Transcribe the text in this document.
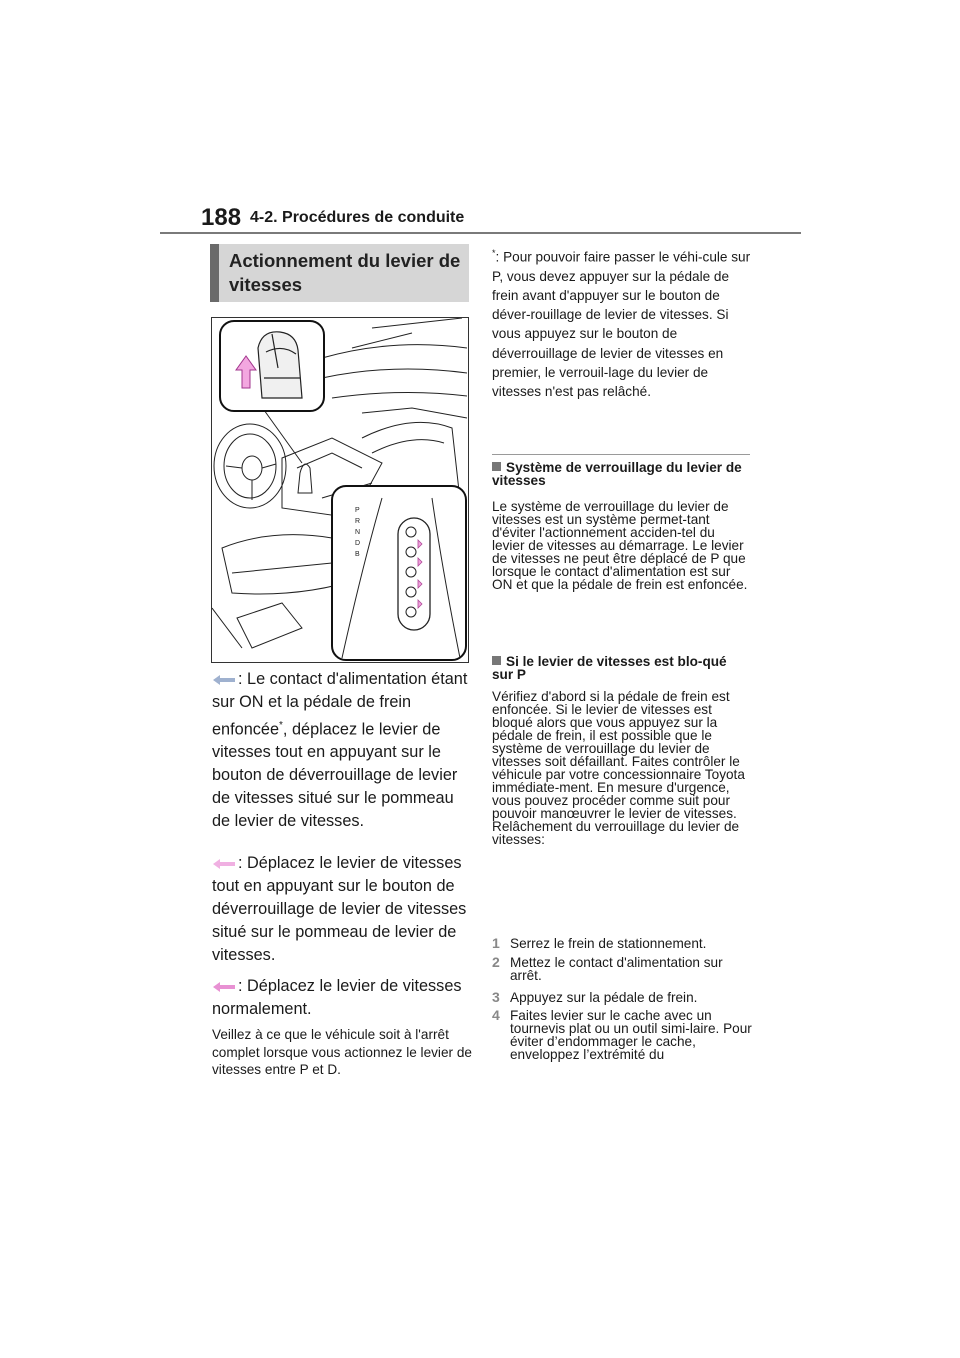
188 4-2. Procédures de conduite
Actionnement du levier de
vitesses
P
R
N
D
B
: Le contact d'alimentation étant sur ON et la pédale de frein enfoncée*, déplacez le levier de vitesses tout en appuyant sur le bouton de déverrouillage de levier de vitesses situé sur le pommeau de levier de vitesses.
: Déplacez le levier de vitesses tout en appuyant sur le bouton de déverrouillage de levier de vitesses situé sur le pommeau de levier de vitesses.
: Déplacez le levier de vitesses normalement.
Veillez à ce que le véhicule soit à l'arrêt complet lorsque vous actionnez le levier de vitesses entre P et D.
*: Pour pouvoir faire passer le véhi-cule sur P, vous devez appuyer sur la pédale de frein avant d'appuyer sur le bouton de déver-rouillage de levier de vitesses. Si vous appuyez sur le bouton de déverrouillage de levier de vitesses en premier, le verrouil-lage du levier de vitesses n'est pas relâché.
Système de verrouillage du levier de vitesses
Le système de verrouillage du levier de vitesses est un système permet-tant d'éviter l'actionnement acciden-tel du levier de vitesses au démarrage. Le levier de vitesses ne peut être déplacé de P que lorsque le contact d'alimentation est sur ON et que la pédale de frein est enfoncée.
Si le levier de vitesses est blo-qué sur P
Vérifiez d'abord si la pédale de frein est enfoncée. Si le levier de vitesses est bloqué alors que vous appuyez sur la pédale de frein, il est possible que le système de verrouillage du levier de vitesses soit défaillant. Faites contrôler le véhicule par votre concessionnaire Toyota immédiate-ment. En mesure d'urgence, vous pouvez procéder comme suit pour pouvoir manœuvrer le levier de vitesses. Relâchement du verrouillage du levier de vitesses:
1 Serrez le frein de stationnement.
2 Mettez le contact d'alimentation sur arrêt.
3 Appuyez sur la pédale de frein.
4 Faites levier sur le cache avec un tournevis plat ou un outil simi-laire. Pour éviter d’endommager le cache, enveloppez l’extrémité du
